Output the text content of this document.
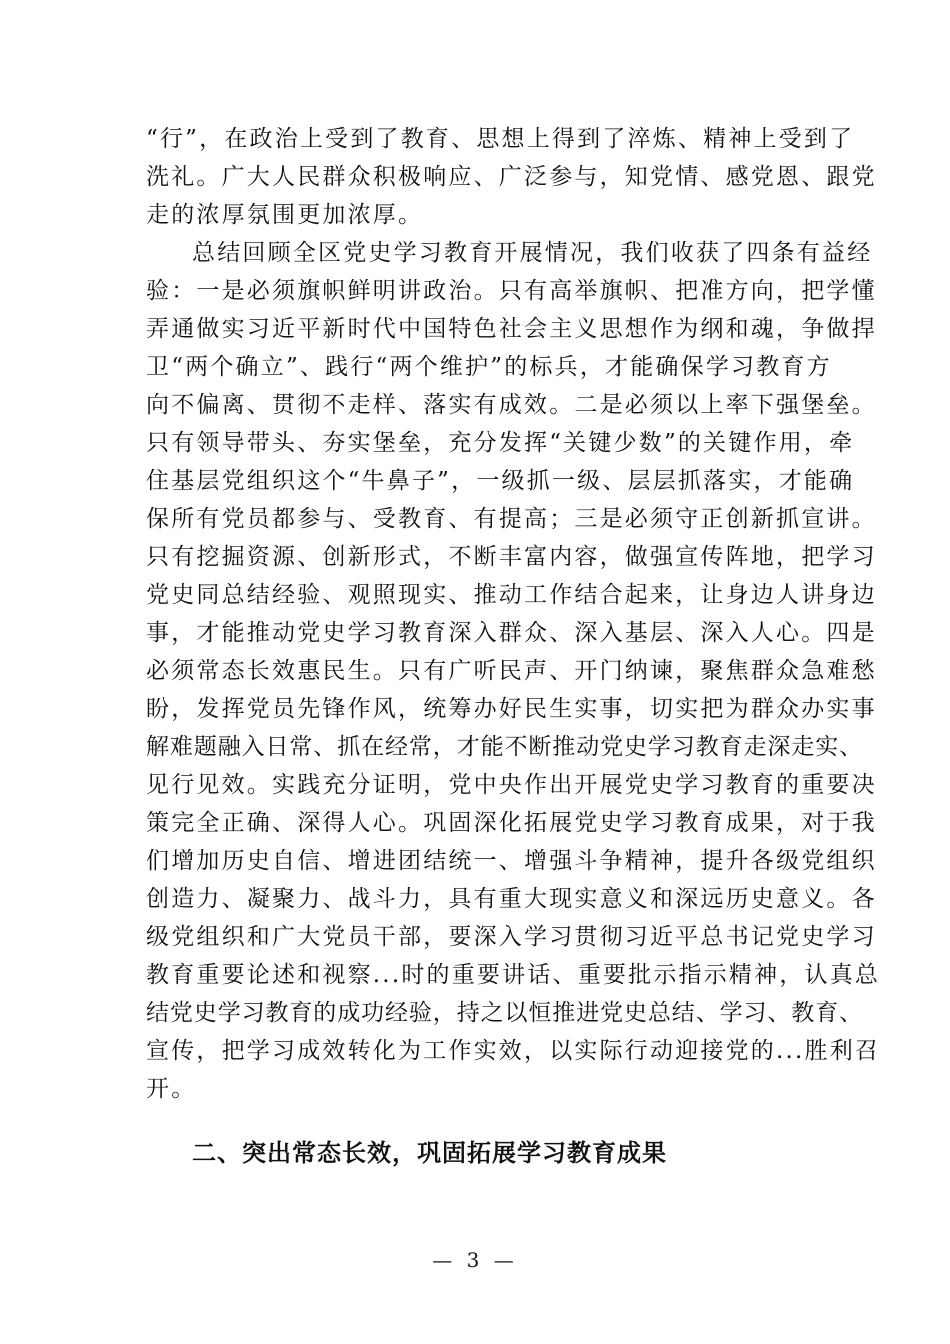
“行”，在政治上受到了教育、思想上得到了淬炼、精神上受到了
洗礼。广大人民群众积极响应、广泛参与，知党情、感党恩、跟党
走的浓厚氛围更加浓厚。
总结回顾全区党史学习教育开展情况，我们收获了四条有益经
验：一是必须旗帜鲜明讲政治。只有高举旗帜、把准方向，把学懂
弄通做实习近平新时代中国特色社会主义思想作为纲和魂，争做捍
卫“两个确立”、践行“两个维护”的标兵，才能确保学习教育方
向不偏离、贯彻不走样、落实有成效。二是必须以上率下强堡垒。
只有领导带头、夯实堡垒，充分发挥“关键少数”的关键作用，牵
住基层党组织这个“牛鼻子”，一级抓一级、层层抓落实，才能确
保所有党员都参与、受教育、有提高；三是必须守正创新抓宣讲。
只有挖掘资源、创新形式，不断丰富内容，做强宣传阵地，把学习
党史同总结经验、观照现实、推动工作结合起来，让身边人讲身边
事，才能推动党史学习教育深入群众、深入基层、深入人心。四是
必须常态长效惠民生。只有广听民声、开门纳谏，聚焦群众急难愁
盼，发挥党员先锋作风，统筹办好民生实事，切实把为群众办实事
解难题融入日常、抓在经常，才能不断推动党史学习教育走深走实、
见行见效。实践充分证明，党中央作出开展党史学习教育的重要决
策完全正确、深得人心。巩固深化拓展党史学习教育成果，对于我
们增加历史自信、增进团结统一、增强斗争精神，提升各级党组织
创造力、凝聚力、战斗力，具有重大现实意义和深远历史意义。各
级党组织和广大党员干部，要深入学习贯彻习近平总书记党史学习
教育重要论述和视察...时的重要讲话、重要批示指示精神，认真总
结党史学习教育的成功经验，持之以恒推进党史总结、学习、教育、
宣传，把学习成效转化为工作实效，以实际行动迎接党的...胜利召
开。
二、突出常态长效，巩固拓展学习教育成果
— 3 —
